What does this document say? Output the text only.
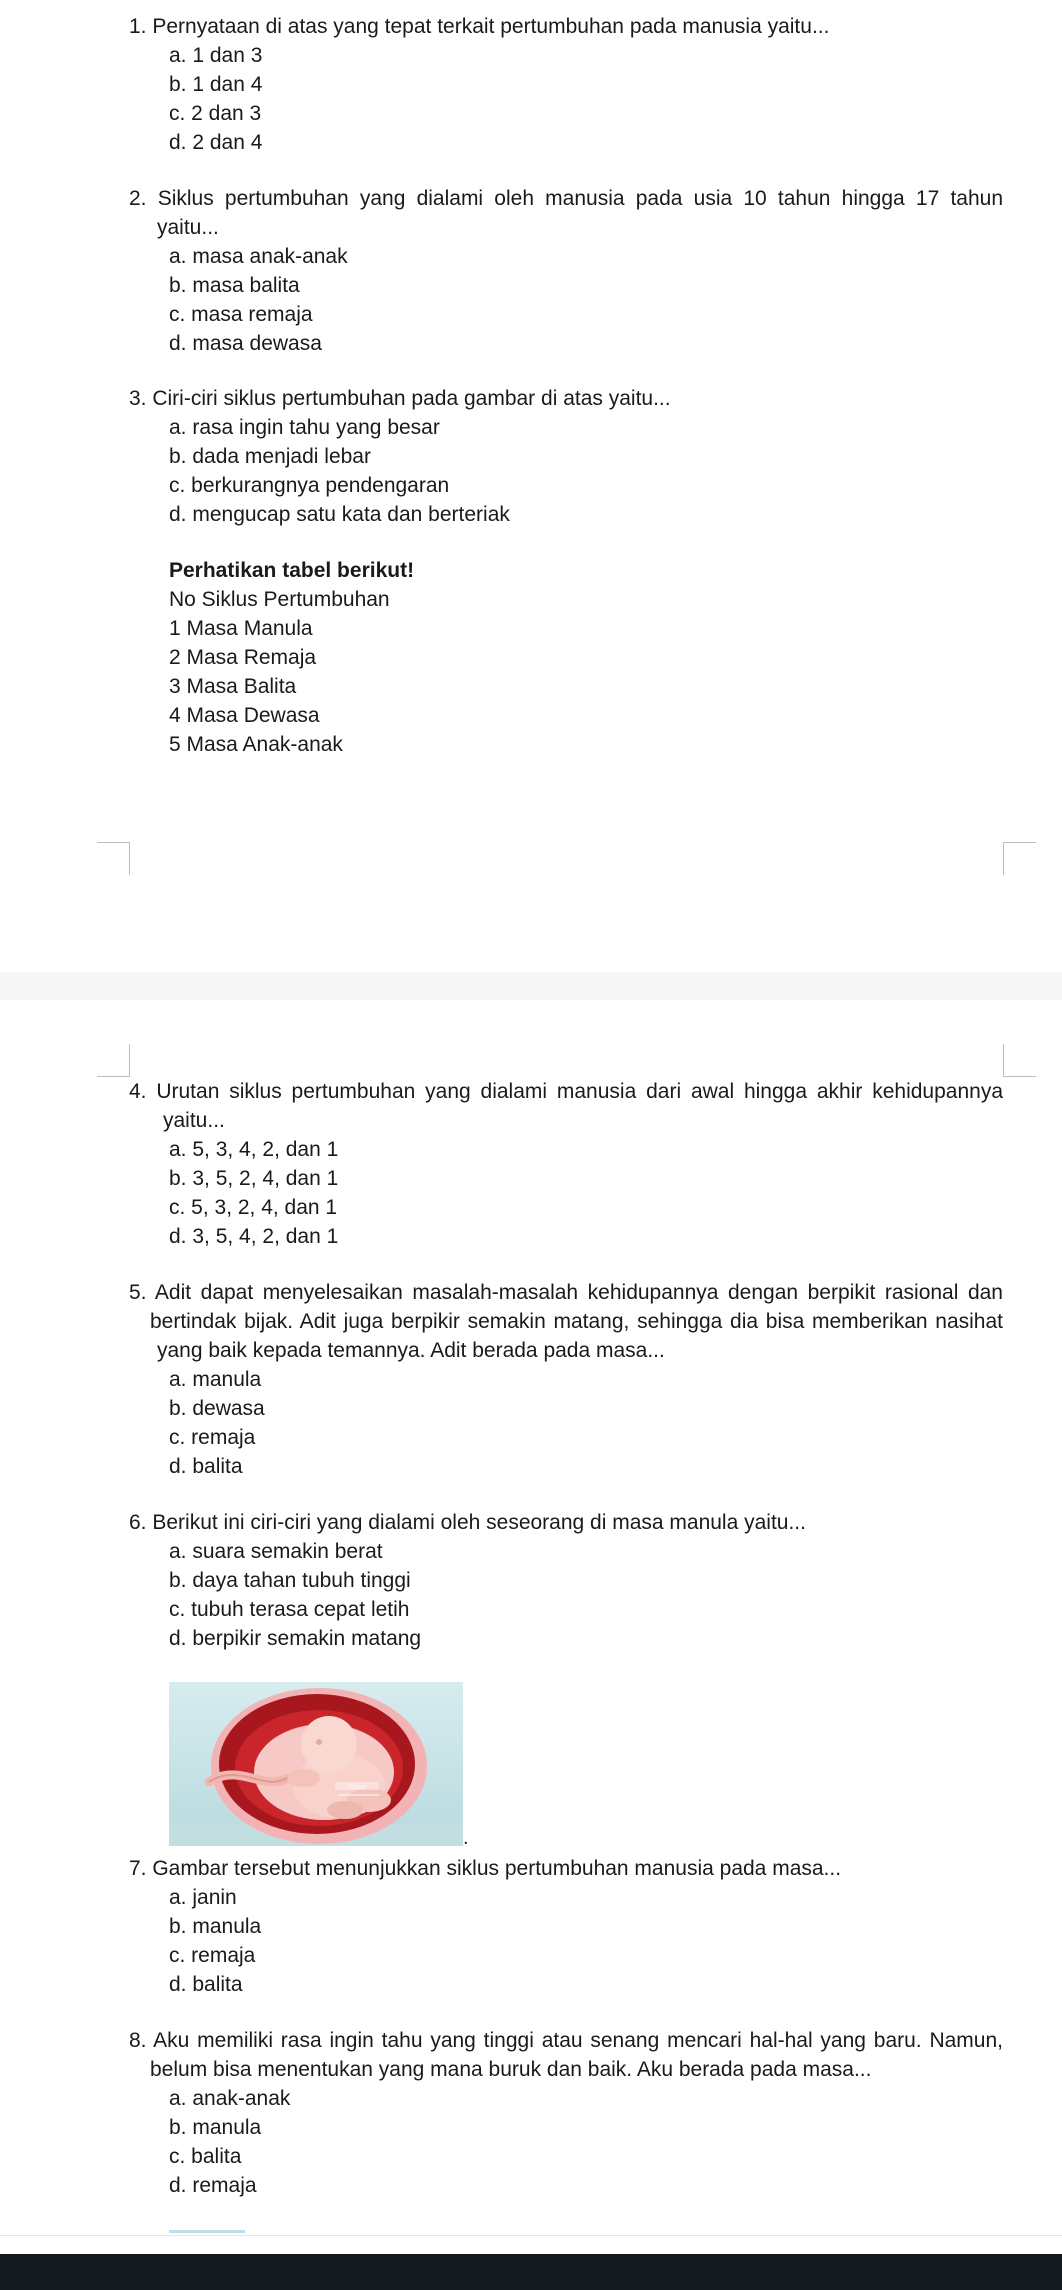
1. Pernyataan di atas yang tepat terkait pertumbuhan pada manusia yaitu...
a. 1 dan 3
b. 1 dan 4
c. 2 dan 3
d. 2 dan 4
2. Siklus pertumbuhan yang dialami oleh manusia pada usia 10 tahun hingga 17 tahun
yaitu...
a. masa anak-anak
b. masa balita
c. masa remaja
d. masa dewasa
3. Ciri-ciri siklus pertumbuhan pada gambar di atas yaitu...
a. rasa ingin tahu yang besar
b. dada menjadi lebar
c. berkurangnya pendengaran
d. mengucap satu kata dan berteriak
Perhatikan tabel berikut!
No Siklus Pertumbuhan
1 Masa Manula
2 Masa Remaja
3 Masa Balita
4 Masa Dewasa
5 Masa Anak-anak
4. Urutan siklus pertumbuhan yang dialami manusia dari awal hingga akhir kehidupannya
yaitu...
a. 5, 3, 4, 2, dan 1
b. 3, 5, 2, 4, dan 1
c. 5, 3, 2, 4, dan 1
d. 3, 5, 4, 2, dan 1
5. Adit dapat menyelesaikan masalah-masalah kehidupannya dengan berpikit rasional dan
bertindak bijak. Adit juga berpikir semakin matang, sehingga dia bisa memberikan nasihat
yang baik kepada temannya. Adit berada pada masa...
a. manula
b. dewasa
c. remaja
d. balita
6. Berikut ini ciri-ciri yang dialami oleh seseorang di masa manula yaitu...
a. suara semakin berat
b. daya tahan tubuh tinggi
c. tubuh terasa cepat letih
d. berpikir semakin matang
iStock
.
7. Gambar tersebut menunjukkan siklus pertumbuhan manusia pada masa...
a. janin
b. manula
c. remaja
d. balita
8. Aku memiliki rasa ingin tahu yang tinggi atau senang mencari hal-hal yang baru. Namun,
belum bisa menentukan yang mana buruk dan baik. Aku berada pada masa...
a. anak-anak
b. manula
c. balita
d. remaja
